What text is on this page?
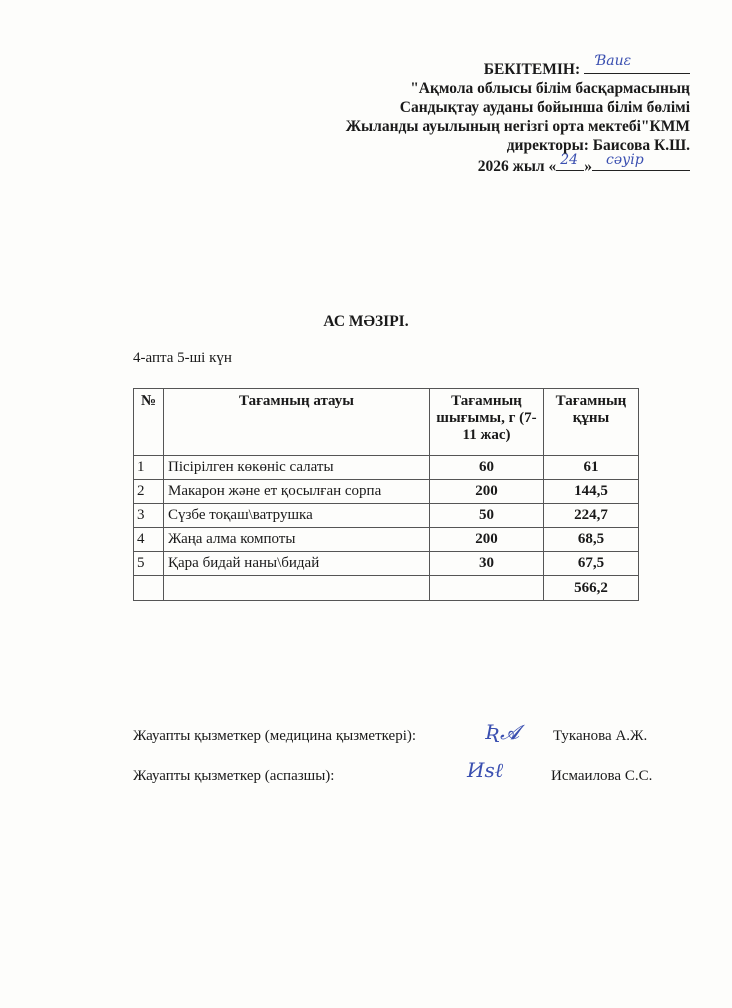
БЕКІТЕМІН: Ɓаиɛ
"Ақмола облысы білім басқармасының
Сандықтау ауданы бойынша білім бөлімі
Жыланды ауылының негізгі орта мектебі"КММ
директоры: Баисова К.Ш.
2026 жыл « 24 » сәуір
АС МӘЗІРІ.
4-апта 5-ші күн
№	Тағамның атауы	Тағамның шығымы, г (7-11 жас)	Тағамның құны
1	Пісірілген көкөніс салаты	60	61
2	Макарон және ет қосылған сорпа	200	144,5
3	Сүзбе тоқаш\ватрушка	50	224,7
4	Жаңа алма компоты	200	68,5
5	Қара бидай наны\бидай	30	67,5
			566,2
Жауапты қызметкер (медицина қызметкері):	Ʀ𝓐 Туканова А.Ж.
Жауапты қызметкер (аспазшы):	Иѕℓ	Исмаилова С.С.
